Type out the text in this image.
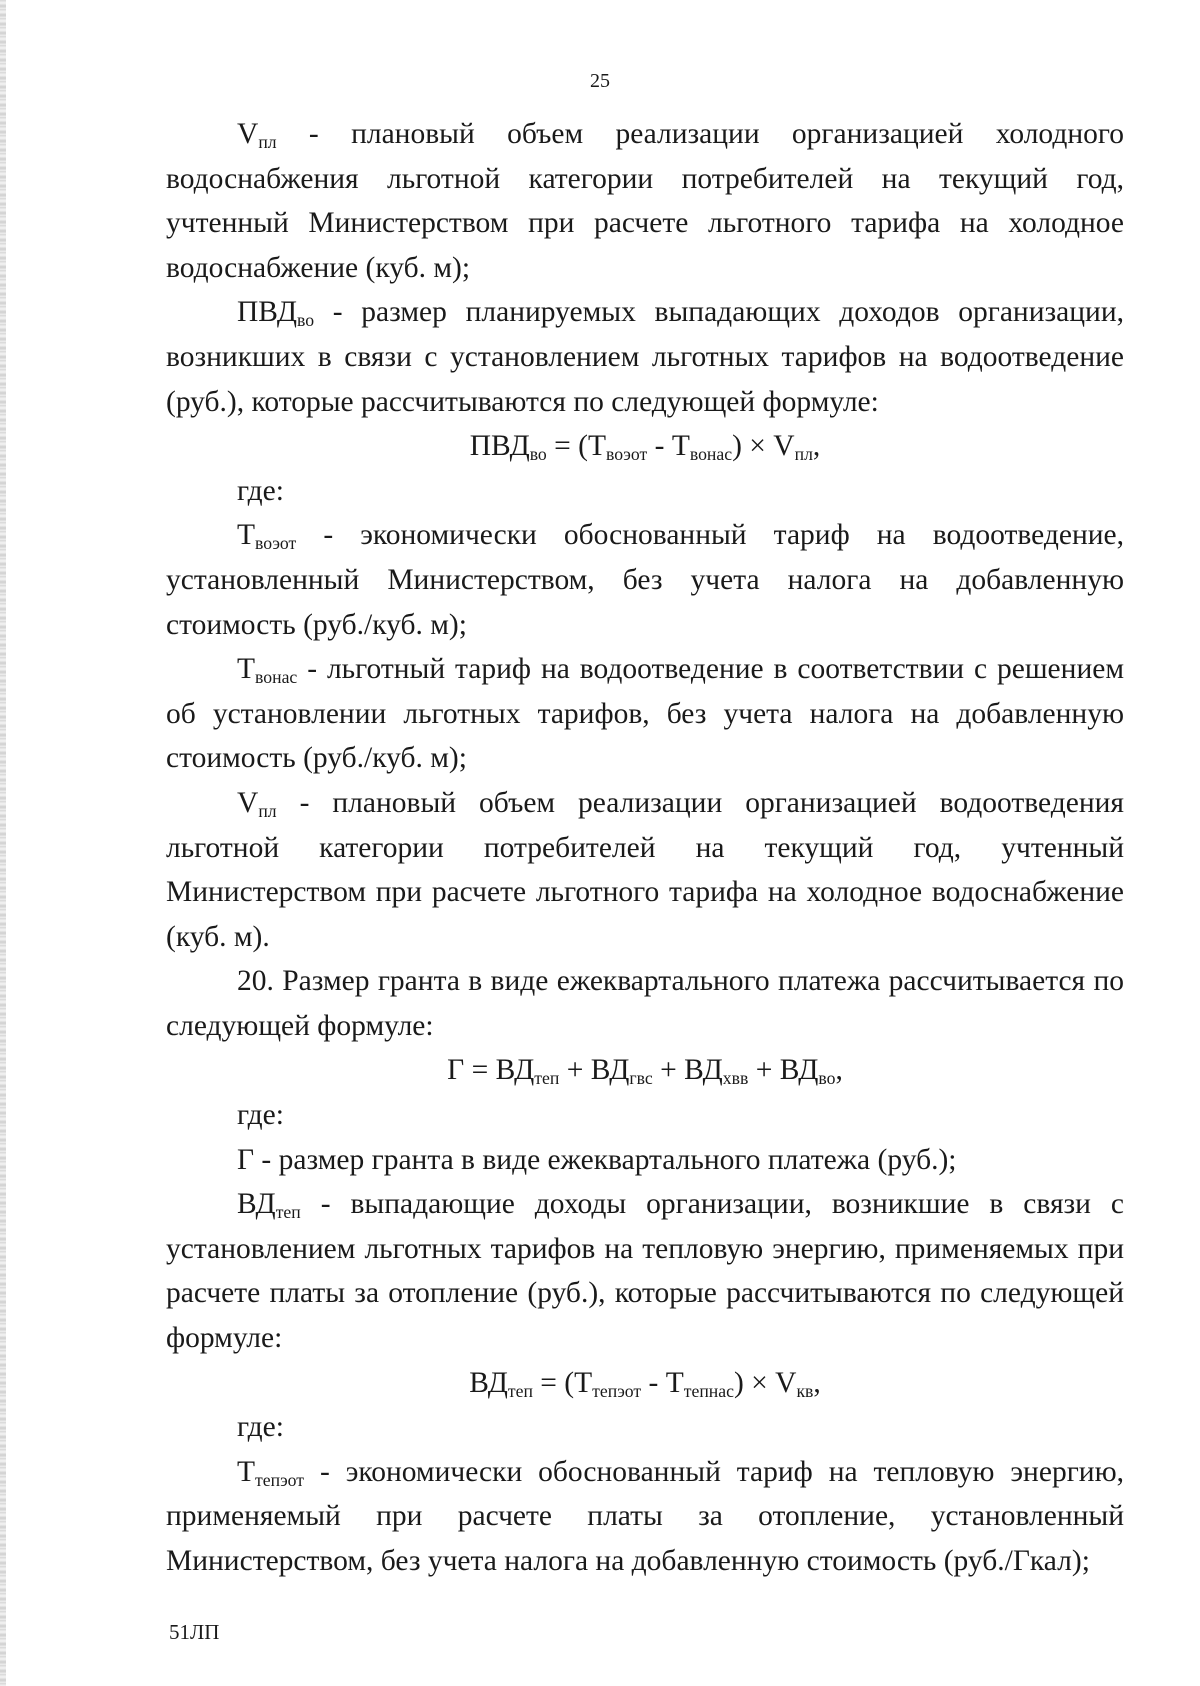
25

$V_{пл}$ - плановый объем реализации организацией холодного водоснабжения льготной категории потребителей на текущий год, учтенный Министерством при расчете льготного тарифа на холодное водоснабжение (куб. м);

$ПВД_{во}$ - размер планируемых выпадающих доходов организации, возникших в связи с установлением льготных тарифов на водоотведение (руб.), которые рассчитываются по следующей формуле:

$ПВД_{во} = (Т_{воэот} - Т_{вонас}) \times V_{пл}$,

где:

$Т_{воэот}$ - экономически обоснованный тариф на водоотведение, установленный Министерством, без учета налога на добавленную стоимость (руб./куб. м);

$Т_{вонас}$ - льготный тариф на водоотведение в соответствии с решением об установлении льготных тарифов, без учета налога на добавленную стоимость (руб./куб. м);

$V_{пл}$ - плановый объем реализации организацией водоотведения льготной категории потребителей на текущий год, учтенный Министерством при расчете льготного тарифа на холодное водоснабжение (куб. м).

20. Размер гранта в виде ежеквартального платежа рассчитывается по следующей формуле:

$Г = ВД_{теп} + ВД_{гвс} + ВД_{хвв} + ВД_{во}$,

где:

Г - размер гранта в виде ежеквартального платежа (руб.);

$ВД_{теп}$ - выпадающие доходы организации, возникшие в связи с установлением льготных тарифов на тепловую энергию, применяемых при расчете платы за отопление (руб.), которые рассчитываются по следующей формуле:

$ВД_{теп} = (Т_{тепэот} - Т_{тепнас}) \times V_{кв}$,

где:

$Т_{тепэот}$ - экономически обоснованный тариф на тепловую энергию, применяемый при расчете платы за отопление, установленный Министерством, без учета налога на добавленную стоимость (руб./Гкал);

51ЛП
